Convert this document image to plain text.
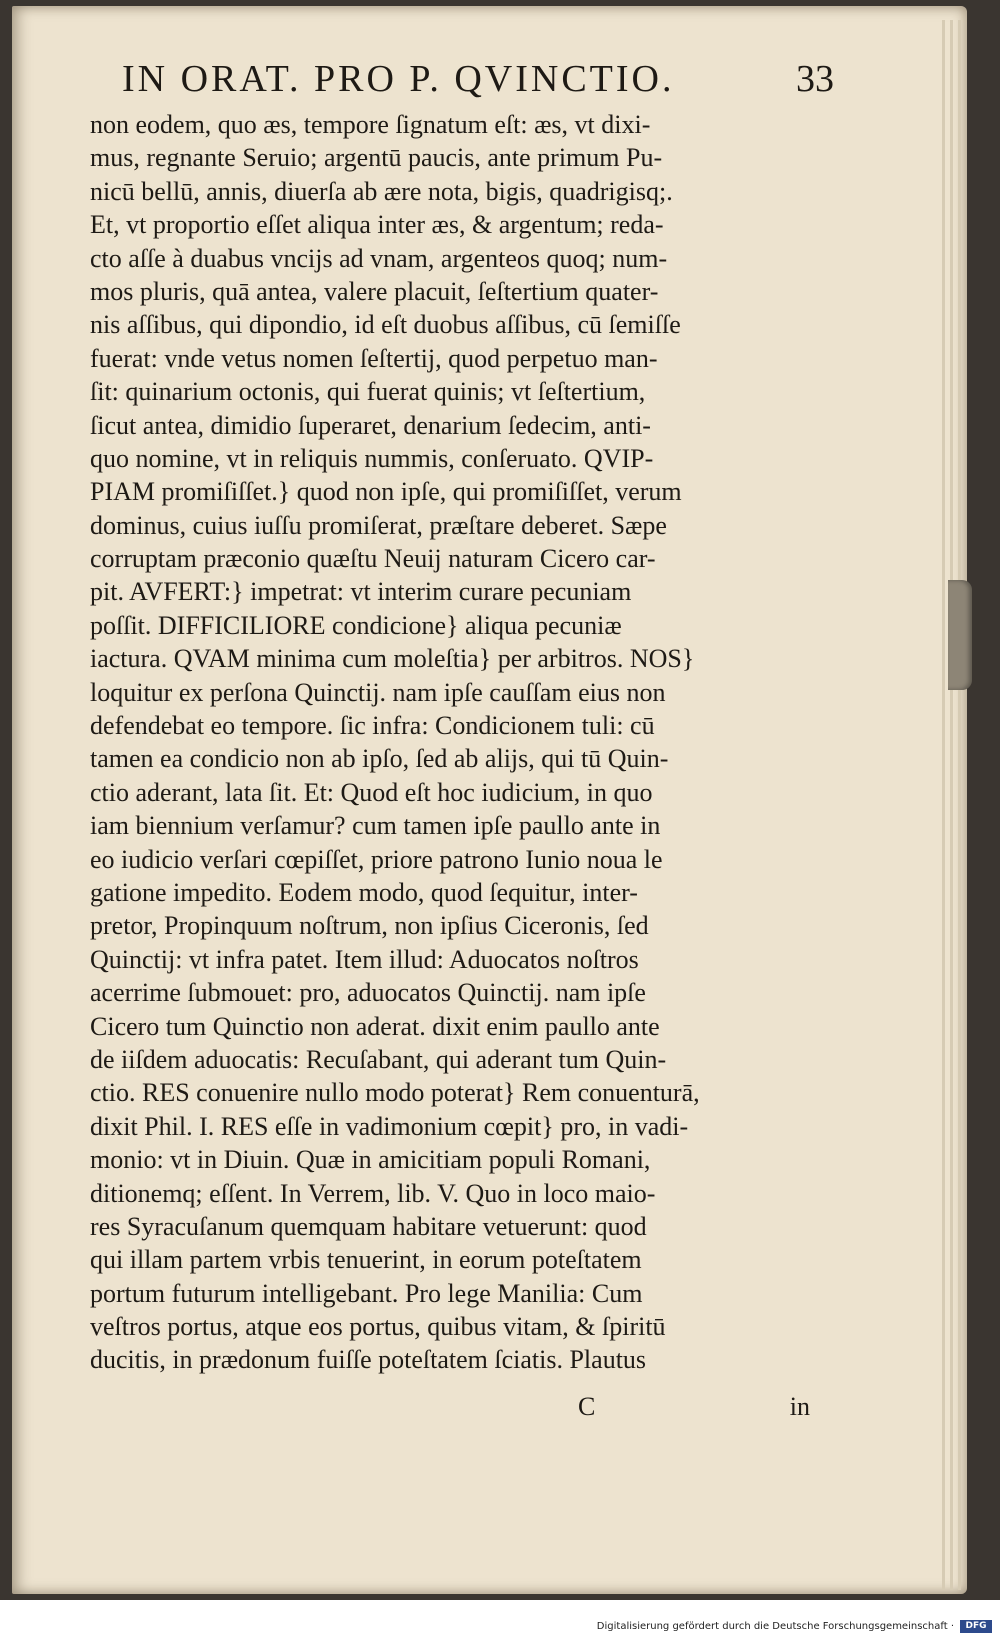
IN ORAT. PRO P. QVINCTIO.	33
non eodem, quo æs, tempore ſignatum eſt: æs, vt dixi-
mus, regnante Seruio; argentū paucis, ante primum Pu-
nicū bellū, annis, diuerſa ab ære nota, bigis, quadrigisq;.
Et, vt proportio eſſet aliqua inter æs, & argentum; reda-
cto aſſe à duabus vncijs ad vnam, argenteos quoq; num-
mos pluris, quā antea, valere placuit, ſeſtertium quater-
nis aſſibus, qui dipondio, id eſt duobus aſſibus, cū ſemiſſe
fuerat: vnde vetus nomen ſeſtertij, quod perpetuo man-
ſit: quinarium octonis, qui fuerat quinis; vt ſeſtertium,
ſicut antea, dimidio ſuperaret, denarium ſedecim, anti-
quo nomine, vt in reliquis nummis, conſeruato. QVIP-
PIAM promiſiſſet.} quod non ipſe, qui promiſiſſet, verum
dominus, cuius iuſſu promiſerat, præſtare deberet. Sæpe
corruptam præconio quæſtu Neuij naturam Cicero car-
pit. AVFERT:} impetrat: vt interim curare pecuniam
poſſit. DIFFICILIORE condicione} aliqua pecuniæ
iactura. QVAM minima cum moleſtia} per arbitros. NOS}
loquitur ex perſona Quinctij. nam ipſe cauſſam eius non
defendebat eo tempore. ſic infra: Condicionem tuli: cū
tamen ea condicio non ab ipſo, ſed ab alijs, qui tū Quin-
ctio aderant, lata ſit. Et: Quod eſt hoc iudicium, in quo
iam biennium verſamur? cum tamen ipſe paullo ante in
eo iudicio verſari cœpiſſet, priore patrono Iunio noua le
gatione impedito. Eodem modo, quod ſequitur, inter-
pretor, Propinquum noſtrum, non ipſius Ciceronis, ſed
Quinctij: vt infra patet. Item illud: Aduocatos noſtros
acerrime ſubmouet: pro, aduocatos Quinctij. nam ipſe
Cicero tum Quinctio non aderat. dixit enim paullo ante
de iiſdem aduocatis: Recuſabant, qui aderant tum Quin-
ctio. RES conuenire nullo modo poterat} Rem conuenturā,
dixit Phil. I. RES eſſe in vadimonium cœpit} pro, in vadi-
monio: vt in Diuin. Quæ in amicitiam populi Romani,
ditionemq; eſſent. In Verrem, lib. V. Quo in loco maio-
res Syracuſanum quemquam habitare vetuerunt: quod
qui illam partem vrbis tenuerint, in eorum poteſtatem
portum futurum intelligebant. Pro lege Manilia: Cum
veſtros portus, atque eos portus, quibus vitam, & ſpiritū
ducitis, in prædonum fuiſſe poteſtatem ſciatis. Plautus
C	in
Digitalisierung gefördert durch die Deutsche Forschungsgemeinschaft ·	DFG
